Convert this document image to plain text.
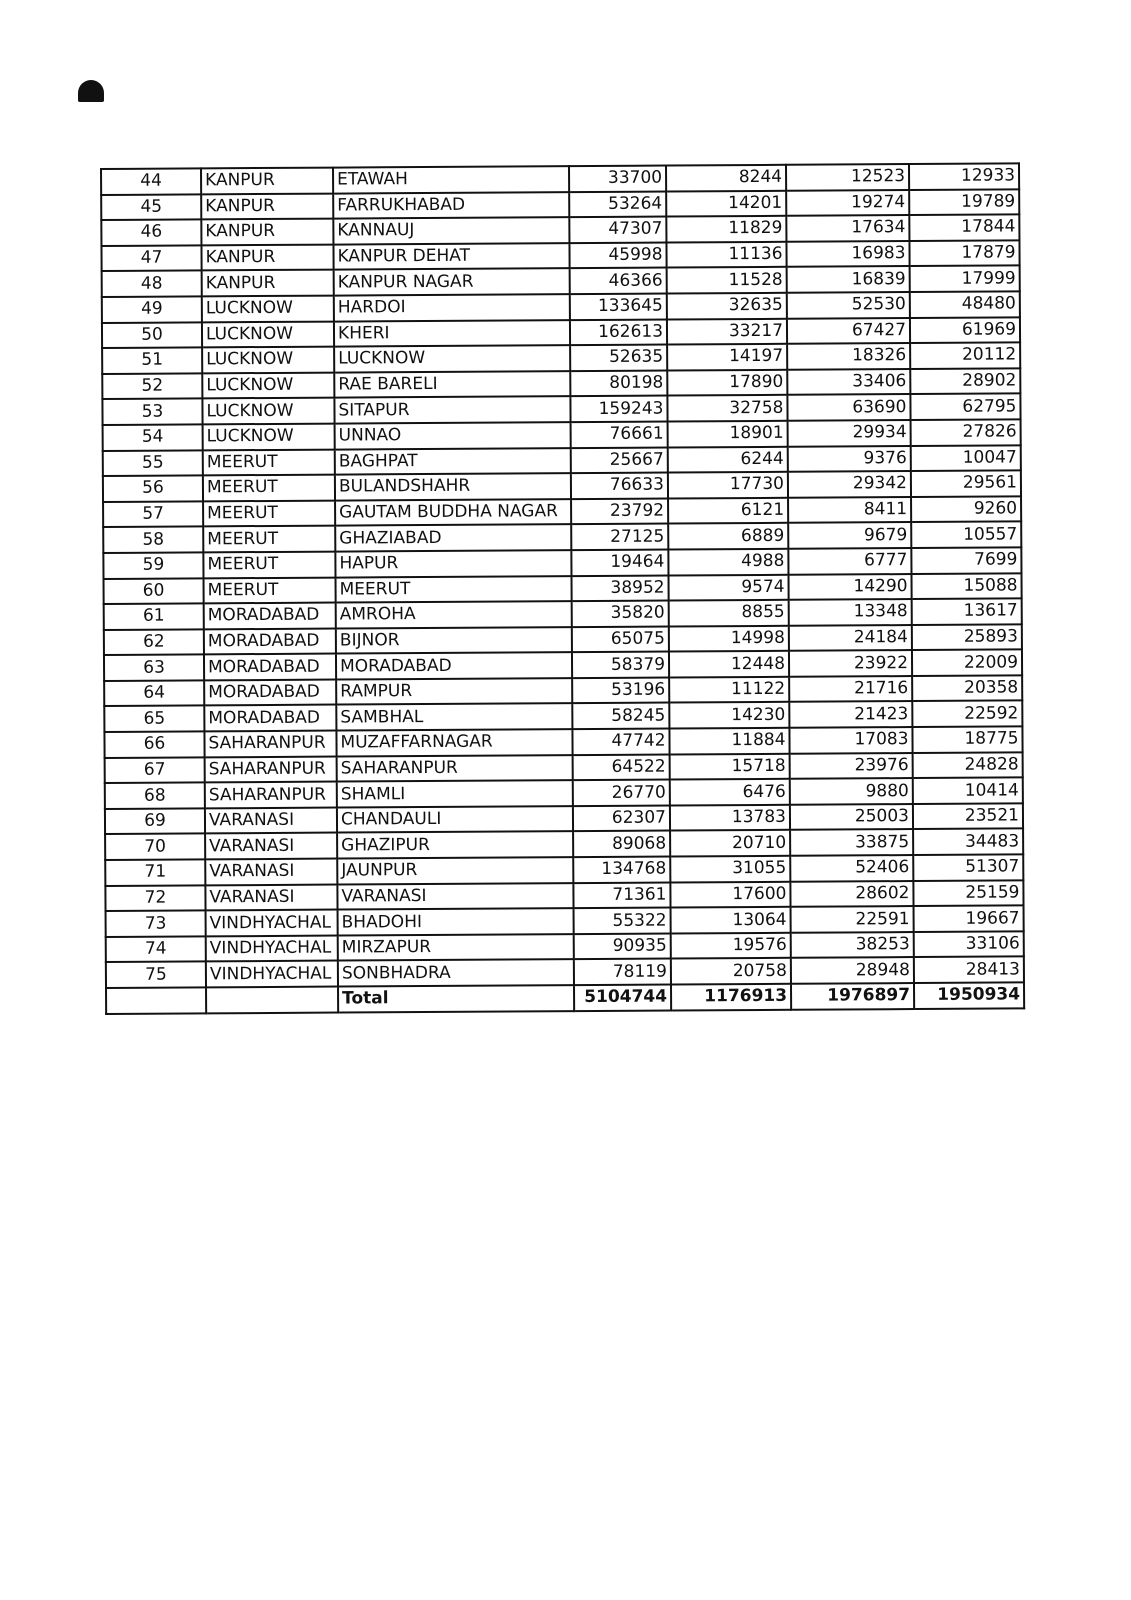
44	KANPUR	ETAWAH	33700	8244	12523	12933
45	KANPUR	FARRUKHABAD	53264	14201	19274	19789
46	KANPUR	KANNAUJ	47307	11829	17634	17844
47	KANPUR	KANPUR DEHAT	45998	11136	16983	17879
48	KANPUR	KANPUR NAGAR	46366	11528	16839	17999
49	LUCKNOW	HARDOI	133645	32635	52530	48480
50	LUCKNOW	KHERI	162613	33217	67427	61969
51	LUCKNOW	LUCKNOW	52635	14197	18326	20112
52	LUCKNOW	RAE BARELI	80198	17890	33406	28902
53	LUCKNOW	SITAPUR	159243	32758	63690	62795
54	LUCKNOW	UNNAO	76661	18901	29934	27826
55	MEERUT	BAGHPAT	25667	6244	9376	10047
56	MEERUT	BULANDSHAHR	76633	17730	29342	29561
57	MEERUT	GAUTAM BUDDHA NAGAR	23792	6121	8411	9260
58	MEERUT	GHAZIABAD	27125	6889	9679	10557
59	MEERUT	HAPUR	19464	4988	6777	7699
60	MEERUT	MEERUT	38952	9574	14290	15088
61	MORADABAD	AMROHA	35820	8855	13348	13617
62	MORADABAD	BIJNOR	65075	14998	24184	25893
63	MORADABAD	MORADABAD	58379	12448	23922	22009
64	MORADABAD	RAMPUR	53196	11122	21716	20358
65	MORADABAD	SAMBHAL	58245	14230	21423	22592
66	SAHARANPUR	MUZAFFARNAGAR	47742	11884	17083	18775
67	SAHARANPUR	SAHARANPUR	64522	15718	23976	24828
68	SAHARANPUR	SHAMLI	26770	6476	9880	10414
69	VARANASI	CHANDAULI	62307	13783	25003	23521
70	VARANASI	GHAZIPUR	89068	20710	33875	34483
71	VARANASI	JAUNPUR	134768	31055	52406	51307
72	VARANASI	VARANASI	71361	17600	28602	25159
73	VINDHYACHAL	BHADOHI	55322	13064	22591	19667
74	VINDHYACHAL	MIRZAPUR	90935	19576	38253	33106
75	VINDHYACHAL	SONBHADRA	78119	20758	28948	28413
		Total	5104744	1176913	1976897	1950934
